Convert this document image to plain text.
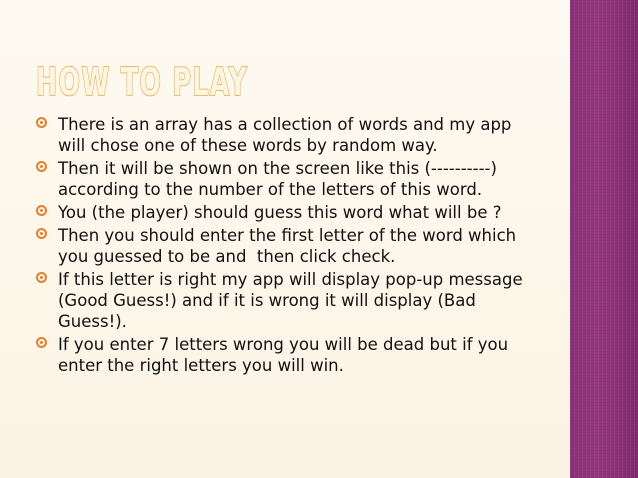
HOW TO PLAY
There is an array has a collection of words and my app will chose one of these words by random way.
Then it will be shown on the screen like this (----------) according to the number of the letters of this word.
You (the player) should guess this word what will be ?
Then you should enter the first letter of the word which you guessed to be and  then click check.
If this letter is right my app will display pop-up message (Good Guess!) and if it is wrong it will display (Bad Guess!).
If you enter 7 letters wrong you will be dead but if you enter the right letters you will win.
